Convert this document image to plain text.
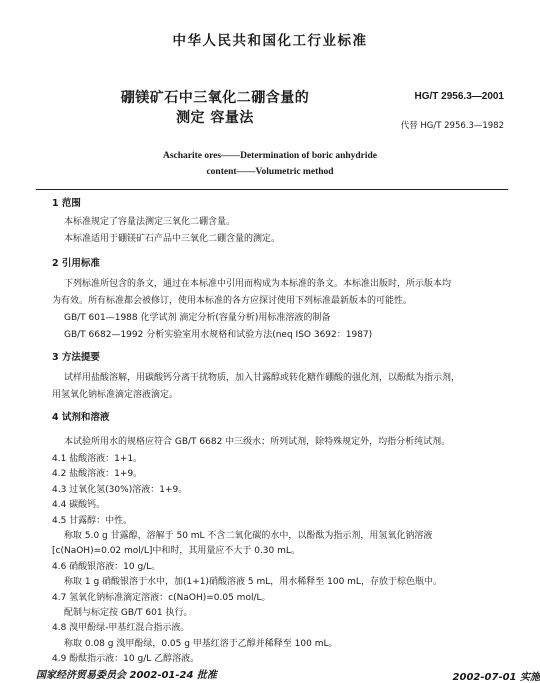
中华人民共和国化工行业标准
硼镁矿石中三氧化二硼含量的
测定 容量法
HG/T 2956.3—2001
代替 HG/T 2956.3—1982
Ascharite ores——Determination of boric anhydride
content——Volumetric method
1 范围
本标准规定了容量法测定三氧化二硼含量。
本标准适用于硼镁矿石产品中三氧化二硼含量的测定。
2 引用标准
下列标准所包含的条文，通过在本标准中引用而构成为本标准的条文。本标准出版时，所示版本均
为有效。所有标准都会被修订，使用本标准的各方应探讨使用下列标准最新版本的可能性。
GB/T 601—1988 化学试剂 滴定分析(容量分析)用标准溶液的制备
GB/T 6682—1992 分析实验室用水规格和试验方法(neq ISO 3692：1987)
3 方法提要
试样用盐酸溶解，用碳酸钙分离干扰物质，加入甘露醇或转化糖作硼酸的强化剂，以酚酞为指示剂，
用氢氧化钠标准滴定溶液滴定。
4 试剂和溶液
本试验所用水的规格应符合 GB/T 6682 中三级水；所列试剂，除特殊规定外，均指分析纯试剂。
4.1 盐酸溶液：1+1。
4.2 盐酸溶液：1+9。
4.3 过氧化氢(30%)溶液：1+9。
4.4 碳酸钙。
4.5 甘露醇：中性。
称取 5.0 g 甘露醇，溶解于 50 mL 不含二氧化碳的水中，以酚酞为指示剂，用氢氧化钠溶液
[c(NaOH)=0.02 mol/L]中和时，其用量应不大于 0.30 mL。
4.6 硝酸银溶液：10 g/L。
称取 1 g 硝酸银溶于水中，加(1+1)硝酸溶液 5 mL，用水稀释至 100 mL，存放于棕色瓶中。
4.7 氢氧化钠标准滴定溶液：c(NaOH)=0.05 mol/L。
配制与标定按 GB/T 601 执行。
4.8 溴甲酚绿-甲基红混合指示液。
称取 0.08 g 溴甲酚绿，0.05 g 甲基红溶于乙醇并稀释至 100 mL。
4.9 酚酞指示液：10 g/L 乙醇溶液。
国家经济贸易委员会 2002-01-24 批准	2002-07-01 实施
